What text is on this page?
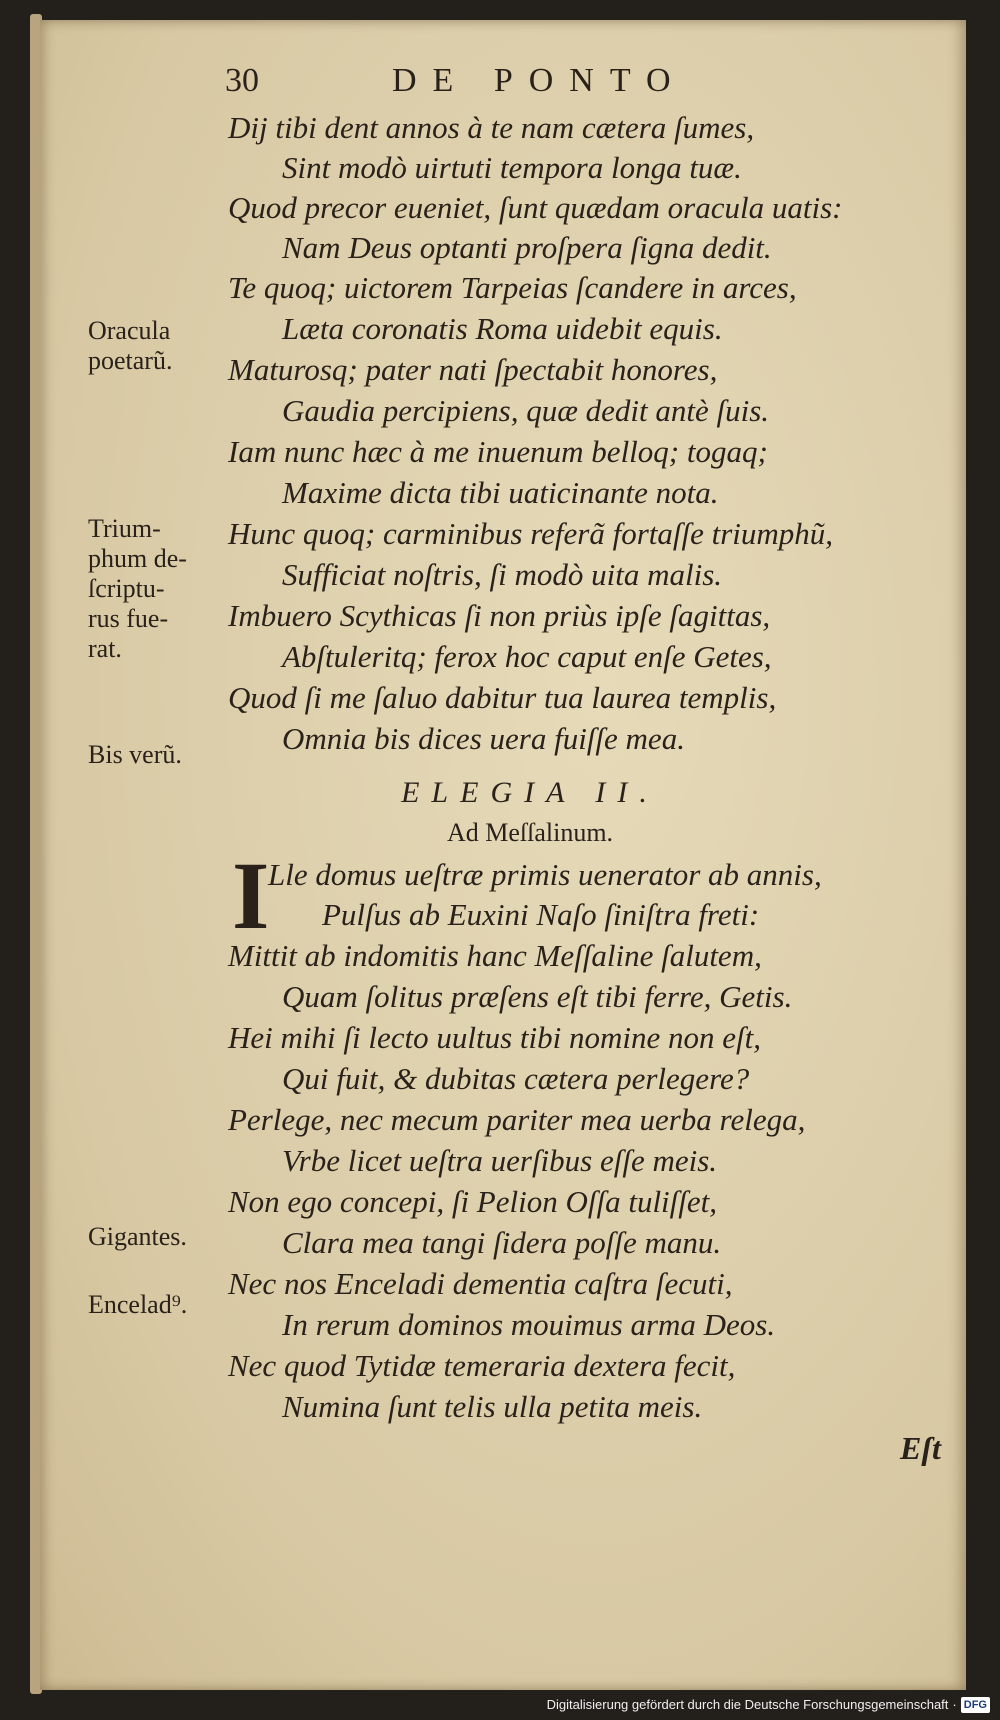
30	DE PONTO
Dij tibi dent annos à te nam cætera ſumes,
Sint modò uirtuti tempora longa tuæ.
Quod precor eueniet, ſunt quædam oracula uatis:
Nam Deus optanti proſpera ſigna dedit.
Te quoq; uictorem Tarpeias ſcandere in arces,
Læta coronatis Roma uidebit equis.
Maturosq; pater nati ſpectabit honores,
Gaudia percipiens, quæ dedit antè ſuis.
Iam nunc hæc à me inuenum belloq; togaq;
Maxime dicta tibi uaticinante nota.
Hunc quoq; carminibus referã fortaſſe triumphũ,
Sufficiat noſtris, ſi modò uita malis.
Imbuero Scythicas ſi non priùs ipſe ſagittas,
Abſtuleritq; ferox hoc caput enſe Getes,
Quod ſi me ſaluo dabitur tua laurea templis,
Omnia bis dices uera fuiſſe mea.
ELEGIA II.
Ad Meſſalinum.
I
Lle domus ueſtræ primis uenerator ab annis,
Pulſus ab Euxini Naſo ſiniſtra freti:
Mittit ab indomitis hanc Meſſaline ſalutem,
Quam ſolitus præſens eſt tibi ferre, Getis.
Hei mihi ſi lecto uultus tibi nomine non eſt,
Qui fuit, & dubitas cætera perlegere?
Perlege, nec mecum pariter mea uerba relega,
Vrbe licet ueſtra uerſibus eſſe meis.
Non ego concepi, ſi Pelion Oſſa tuliſſet,
Clara mea tangi ſidera poſſe manu.
Nec nos Enceladi dementia caſtra ſecuti,
In rerum dominos mouimus arma Deos.
Nec quod Tytidæ temeraria dextera fecit,
Numina ſunt telis ulla petita meis.
Oracula
poetarũ.
Trium-
phum de-
ſcriptu-
rus fue-
rat.
Bis verũ.
Gigantes.
Encelad⁹.
Eſt
Digitalisierung gefördert durch die Deutsche Forschungsgemeinschaft · DFG
